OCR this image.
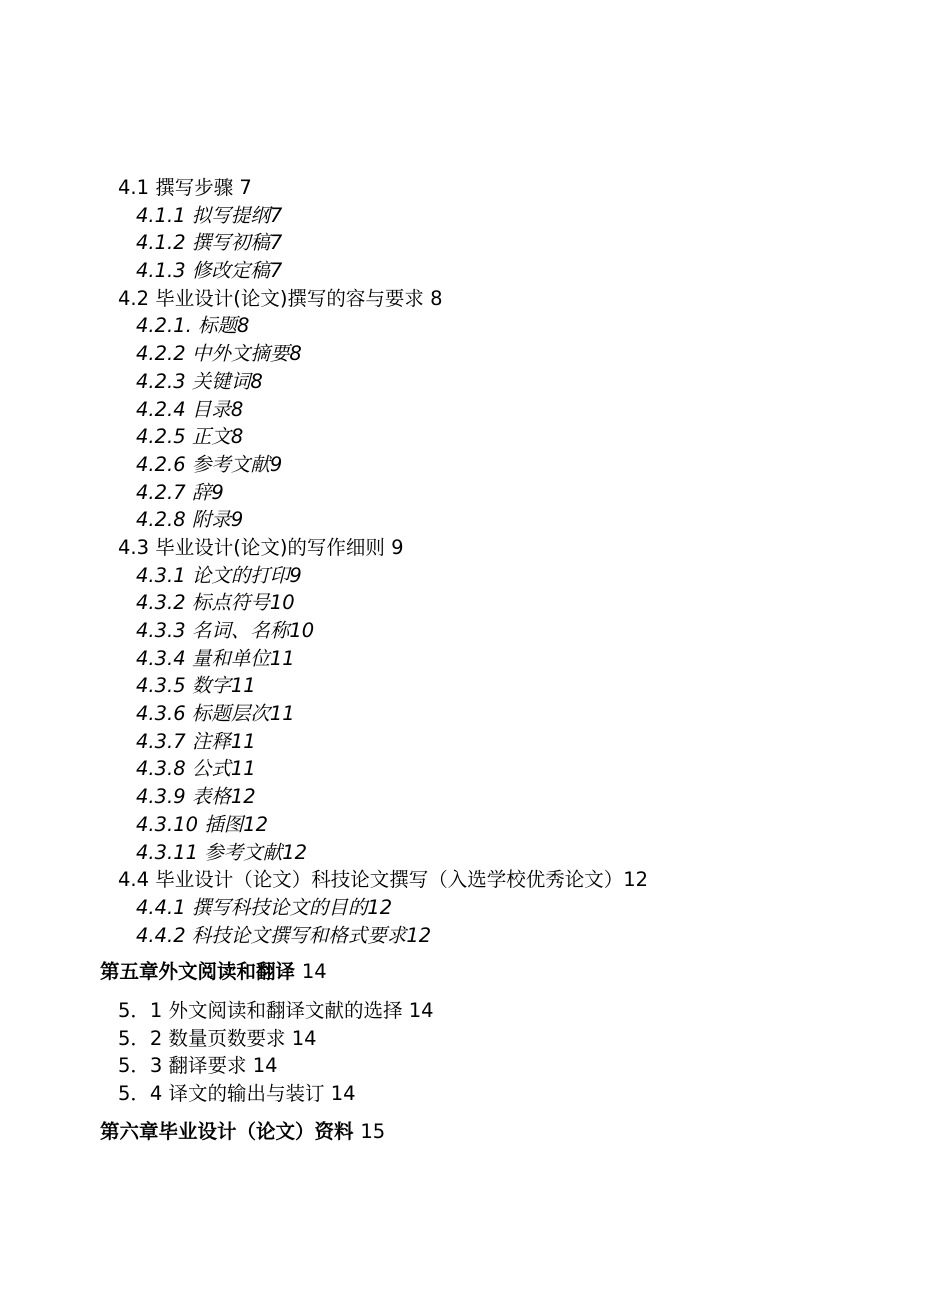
4.1 撰写步骤 7
4.1.1 拟写提纲7
4.1.2 撰写初稿7
4.1.3 修改定稿7
4.2 毕业设计(论文)撰写的容与要求 8
4.2.1. 标题8
4.2.2 中外文摘要8
4.2.3 关键词8
4.2.4 目录8
4.2.5 正文8
4.2.6 参考文献9
4.2.7 辞9
4.2.8 附录9
4.3 毕业设计(论文)的写作细则 9
4.3.1 论文的打印9
4.3.2 标点符号10
4.3.3 名词、名称10
4.3.4 量和单位11
4.3.5 数字11
4.3.6 标题层次11
4.3.7 注释11
4.3.8 公式11
4.3.9 表格12
4.3.10 插图12
4.3.11 参考文献12
4.4 毕业设计（论文）科技论文撰写（入选学校优秀论文）12
4.4.1 撰写科技论文的目的12
4.4.2 科技论文撰写和格式要求12
第五章外文阅读和翻译 14
5．1 外文阅读和翻译文献的选择 14
5．2 数量页数要求 14
5．3 翻译要求 14
5．4 译文的输出与装订 14
第六章毕业设计（论文）资料 15
